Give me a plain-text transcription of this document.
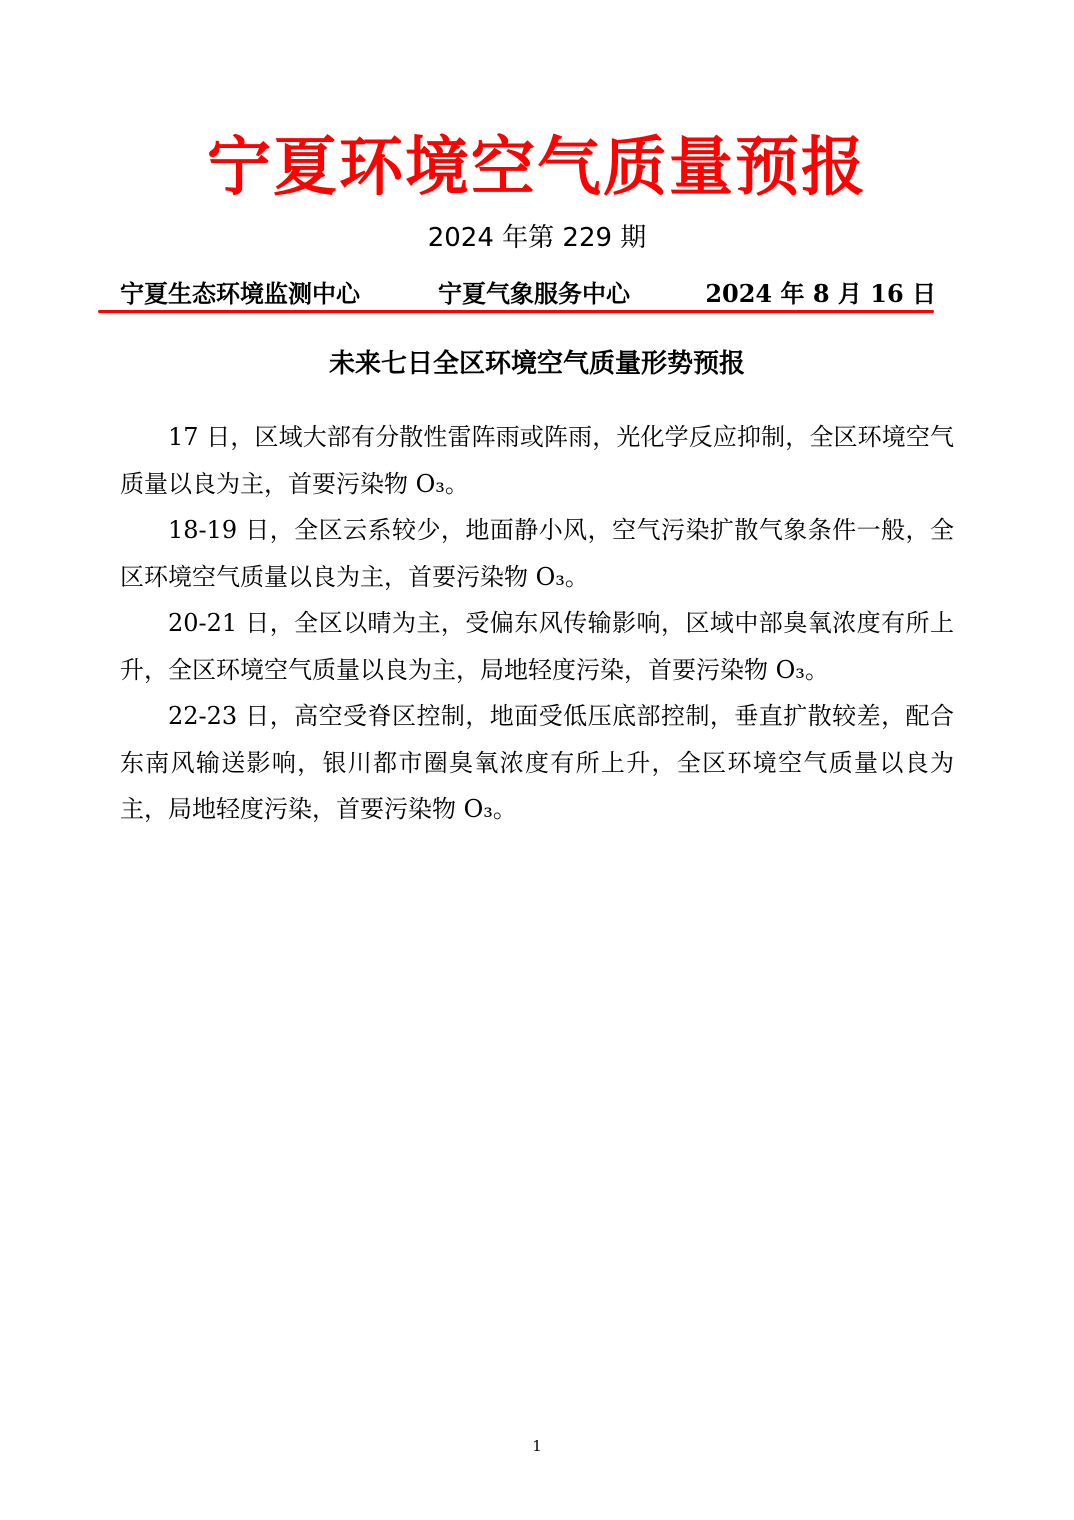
宁夏环境空气质量预报
2024 年第 229 期
宁夏生态环境监测中心	宁夏气象服务中心	2024 年 8 月 16 日
未来七日全区环境空气质量形势预报

17 日，区域大部有分散性雷阵雨或阵雨，光化学反应抑制，全区环境空气质量以良为主，首要污染物 O₃。

18-19 日，全区云系较少，地面静小风，空气污染扩散气象条件一般，全区环境空气质量以良为主，首要污染物 O₃。

20-21 日，全区以晴为主，受偏东风传输影响，区域中部臭氧浓度有所上升，全区环境空气质量以良为主，局地轻度污染，首要污染物 O₃。

22-23 日，高空受脊区控制，地面受低压底部控制，垂直扩散较差，配合东南风输送影响，银川都市圈臭氧浓度有所上升，全区环境空气质量以良为主，局地轻度污染，首要污染物 O₃。

1
